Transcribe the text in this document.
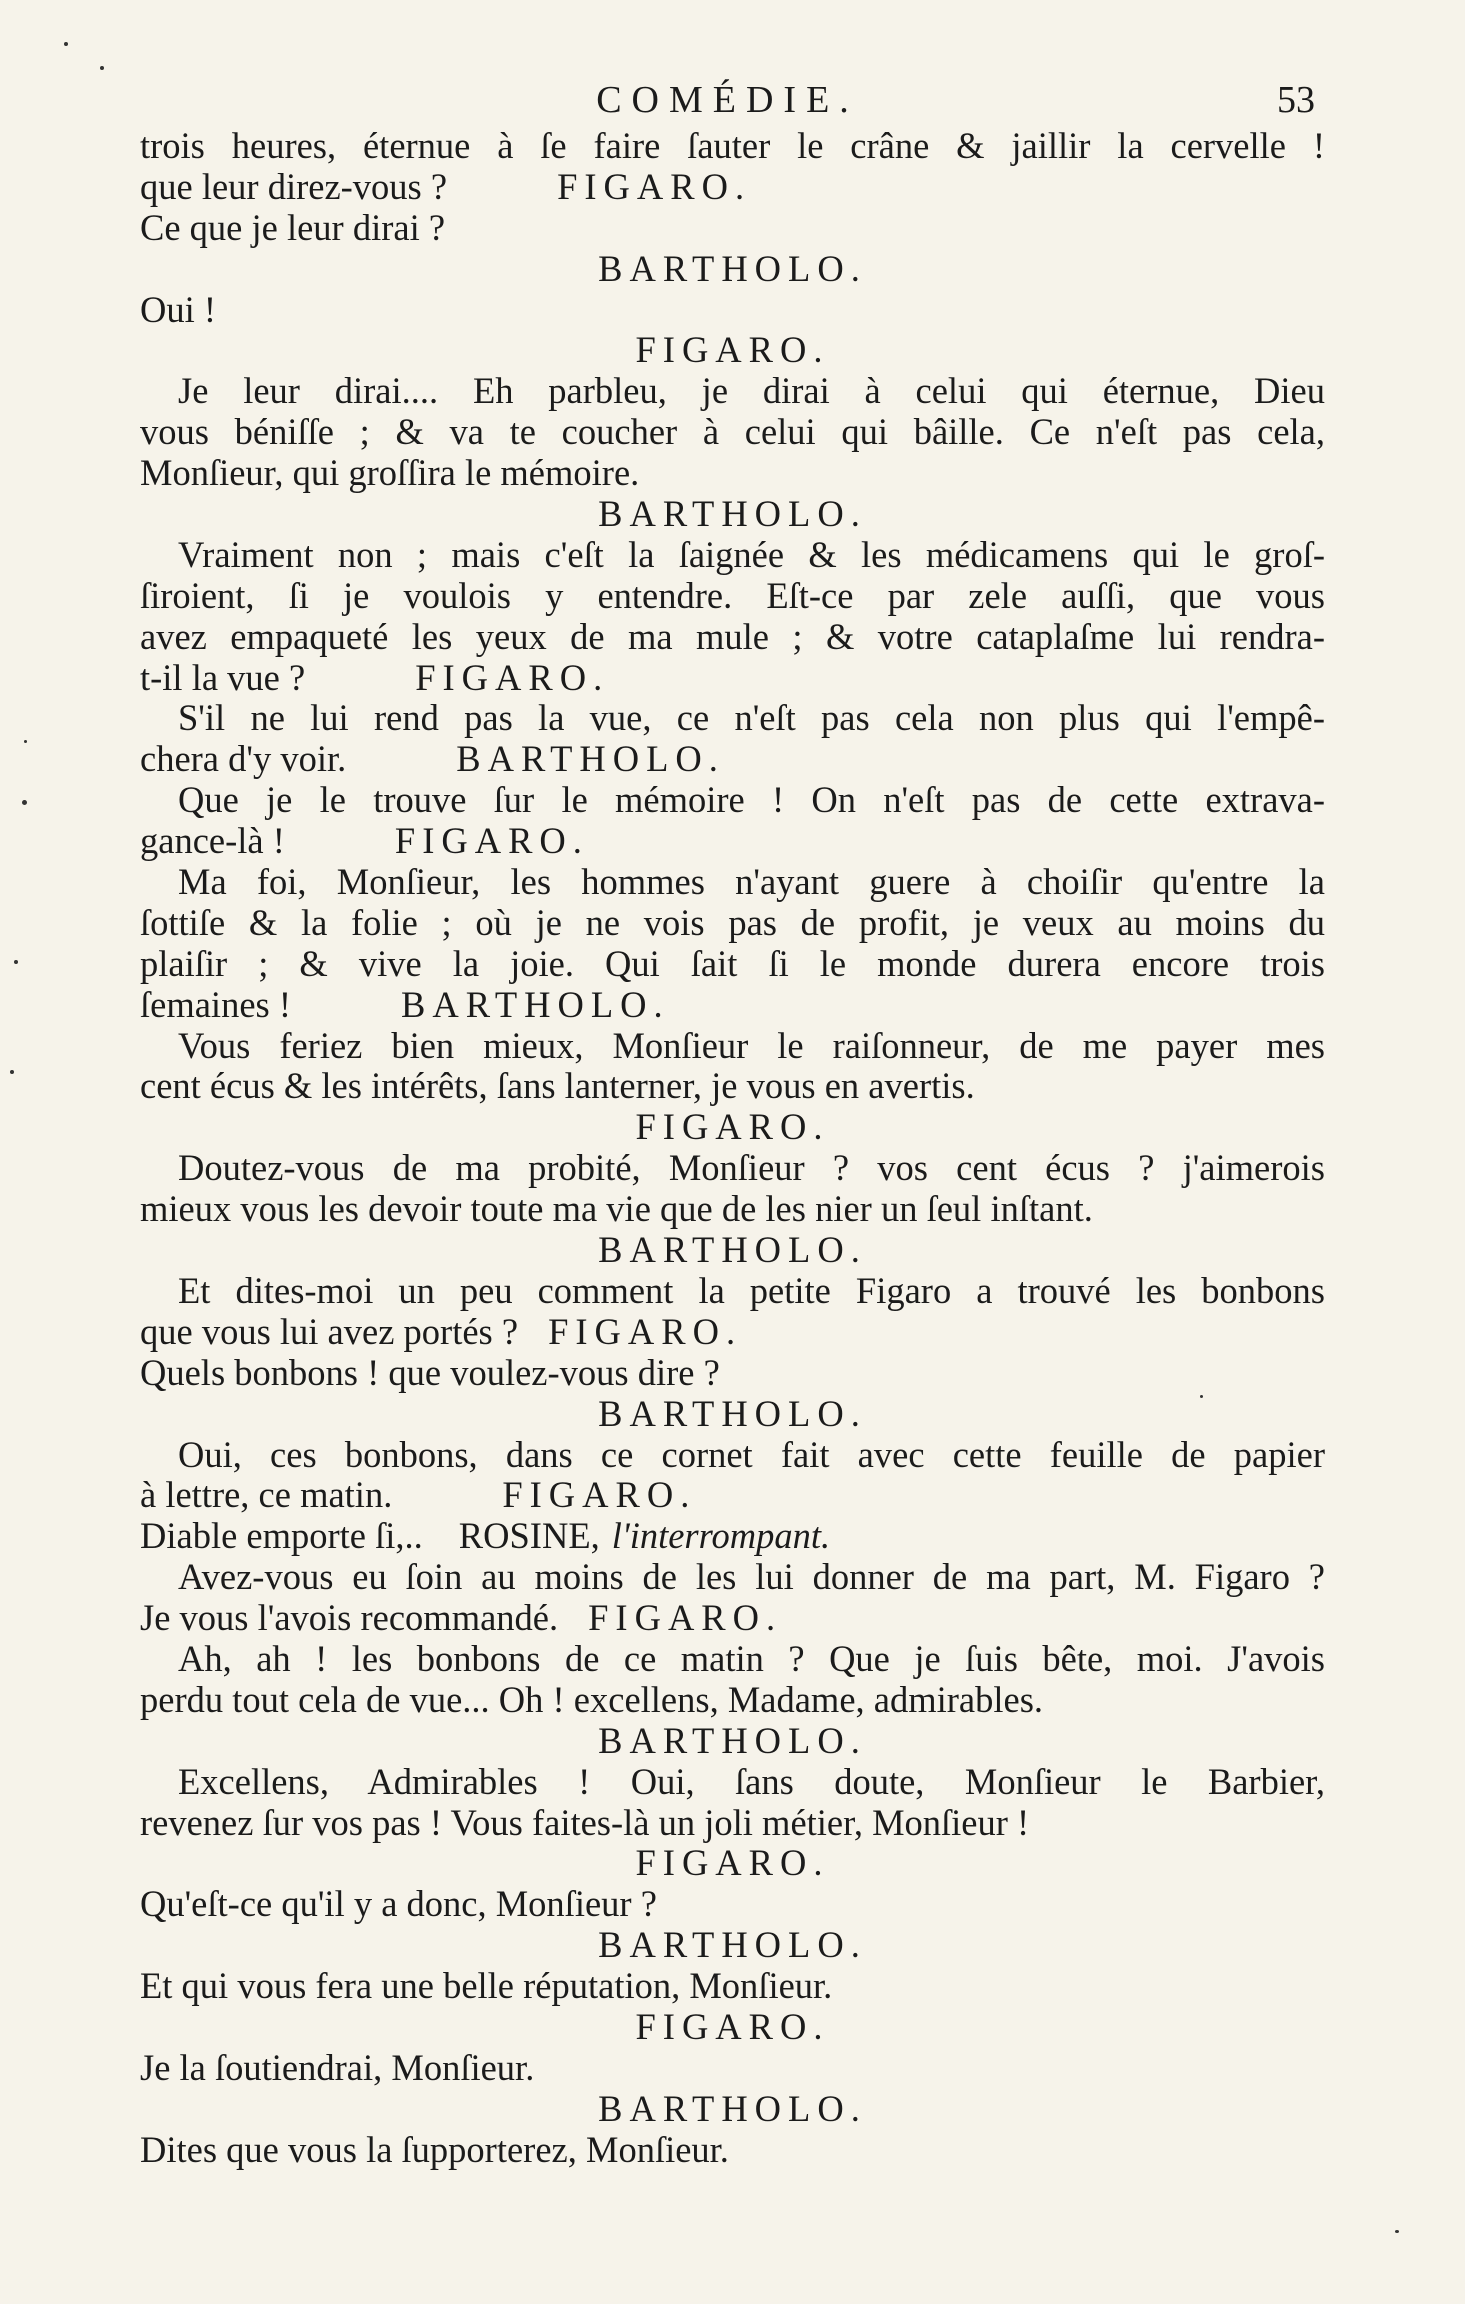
COMÉDIE.	53
trois heures, éternue à ſe faire ſauter le crâne & jaillir la cervelle !
que leur direz-vous ?	FIGARO.
Ce que je leur dirai ?
BARTHOLO.
Oui !
FIGARO.
Je leur dirai.... Eh parbleu, je dirai à celui qui éternue, Dieu
vous béniſſe ; & va te coucher à celui qui bâille. Ce n'eſt pas cela,
Monſieur, qui groſſira le mémoire.
BARTHOLO.
Vraiment non ; mais c'eſt la ſaignée & les médicamens qui le groſ-
ſiroient, ſi je voulois y entendre. Eſt-ce par zele auſſi, que vous
avez empaqueté les yeux de ma mule ; & votre cataplaſme lui rendra-
t-il la vue ?	FIGARO.
S'il ne lui rend pas la vue, ce n'eſt pas cela non plus qui l'empê-
chera d'y voir.	BARTHOLO.
Que je le trouve ſur le mémoire ! On n'eſt pas de cette extrava-
gance-là !	FIGARO.
Ma foi, Monſieur, les hommes n'ayant guere à choiſir qu'entre la
ſottiſe & la folie ; où je ne vois pas de profit, je veux au moins du
plaiſir ; & vive la joie. Qui ſait ſi le monde durera encore trois
ſemaines !	BARTHOLO.
Vous feriez bien mieux, Monſieur le raiſonneur, de me payer mes
cent écus & les intérêts, ſans lanterner, je vous en avertis.
FIGARO.
Doutez-vous de ma probité, Monſieur ? vos cent écus ? j'aimerois
mieux vous les devoir toute ma vie que de les nier un ſeul inſtant.
BARTHOLO.
Et dites-moi un peu comment la petite Figaro a trouvé les bonbons
que vous lui avez portés ? FIGARO.
Quels bonbons ! que voulez-vous dire ?
BARTHOLO.
Oui, ces bonbons, dans ce cornet fait avec cette feuille de papier
à lettre, ce matin.	FIGARO.
Diable emporte ſi,.. ROSINE, l'interrompant.
Avez-vous eu ſoin au moins de les lui donner de ma part, M. Figaro ?
Je vous l'avois recommandé. FIGARO.
Ah, ah ! les bonbons de ce matin ? Que je ſuis bête, moi. J'avois
perdu tout cela de vue... Oh ! excellens, Madame, admirables.
BARTHOLO.
Excellens, Admirables ! Oui, ſans doute, Monſieur le Barbier,
revenez ſur vos pas ! Vous faites-là un joli métier, Monſieur !
FIGARO.
Qu'eſt-ce qu'il y a donc, Monſieur ?
BARTHOLO.
Et qui vous fera une belle réputation, Monſieur.
FIGARO.
Je la ſoutiendrai, Monſieur.
BARTHOLO.
Dites que vous la ſupporterez, Monſieur.
